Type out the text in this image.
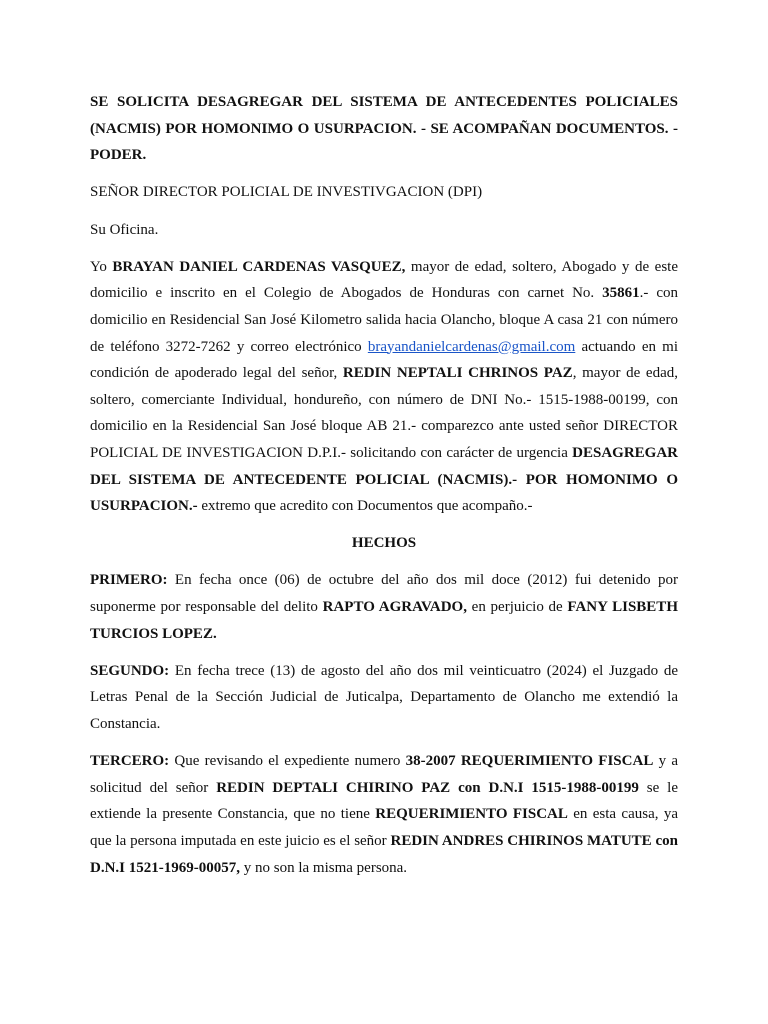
SE SOLICITA DESAGREGAR DEL SISTEMA DE ANTECEDENTES POLICIALES (NACMIS) POR HOMONIMO O USURPACION. - SE ACOMPAÑAN DOCUMENTOS. - PODER.

SEÑOR DIRECTOR POLICIAL DE INVESTIVGACION (DPI)

Su Oficina.

Yo BRAYAN DANIEL CARDENAS VASQUEZ, mayor de edad, soltero, Abogado y de este domicilio e inscrito en el Colegio de Abogados de Honduras con carnet No. 35861.- con domicilio en Residencial San José Kilometro salida hacia Olancho, bloque A casa 21 con número de teléfono 3272-7262 y correo electrónico brayandanielcardenas@gmail.com actuando en mi condición de apoderado legal del señor, REDIN NEPTALI CHRINOS PAZ, mayor de edad, soltero, comerciante Individual, hondureño, con número de DNI No.- 1515-1988-00199, con domicilio en la Residencial San José bloque AB 21.- comparezco ante usted señor DIRECTOR POLICIAL DE INVESTIGACION D.P.I.- solicitando con carácter de urgencia DESAGREGAR DEL SISTEMA DE ANTECEDENTE POLICIAL (NACMIS).- POR HOMONIMO O USURPACION.- extremo que acredito con Documentos que acompaño.-

HECHOS

PRIMERO: En fecha once (06) de octubre del año dos mil doce (2012) fui detenido por suponerme por responsable del delito RAPTO AGRAVADO, en perjuicio de FANY LISBETH TURCIOS LOPEZ.

SEGUNDO: En fecha trece (13) de agosto del año dos mil veinticuatro (2024) el Juzgado de Letras Penal de la Sección Judicial de Juticalpa, Departamento de Olancho me extendió la Constancia.

TERCERO: Que revisando el expediente numero 38-2007 REQUERIMIENTO FISCAL y a solicitud del señor REDIN DEPTALI CHIRINO PAZ con D.N.I 1515-1988-00199 se le extiende la presente Constancia, que no tiene REQUERIMIENTO FISCAL en esta causa, ya que la persona imputada en este juicio es el señor REDIN ANDRES CHIRINOS MATUTE con D.N.I 1521-1969-00057, y no son la misma persona.
